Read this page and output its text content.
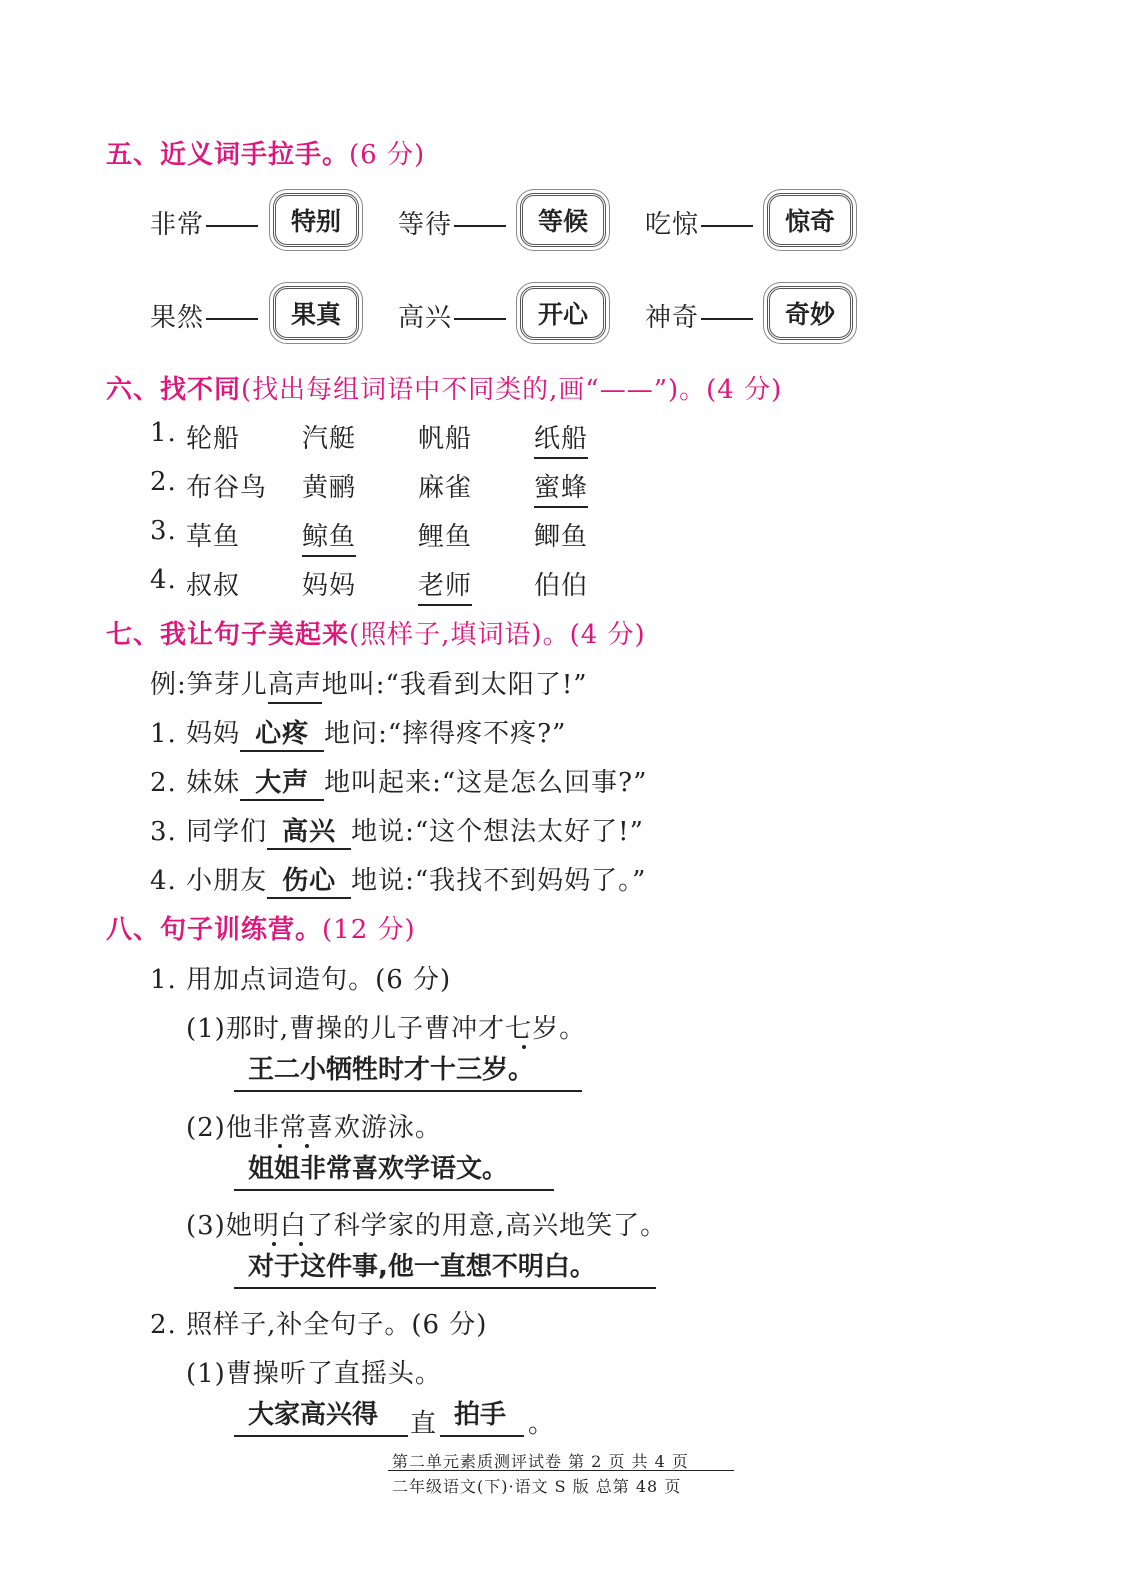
五、近义词手拉手。(6 分)
非常	特别	等待	等候	吃惊	惊奇
果然	果真	高兴	开心	神奇	奇妙
六、找不同(找出每组词语中不同类的,画“——”)。(4 分)
1. 轮船 汽艇 帆船 纸船
2. 布谷鸟 黄鹂 麻雀 蜜蜂
3. 草鱼 鲸鱼 鲤鱼 鲫鱼
4. 叔叔 妈妈 老师 伯伯
七、我让句子美起来(照样子,填词语)。(4 分)
例:笋芽儿高声地叫:“我看到太阳了!”
1. 妈妈 心疼 地问:“摔得疼不疼?”
2. 妹妹 大声 地叫起来:“这是怎么回事?”
3. 同学们 高兴 地说:“这个想法太好了!”
4. 小朋友 伤心 地说:“我找不到妈妈了。”
八、句子训练营。(12 分)
1. 用加点词造句。(6 分)
(1)那时,曹操的儿子曹冲才七岁。
王二小牺牲时才十三岁。
(2)他非常喜欢游泳。
姐姐非常喜欢学语文。
(3)她明白了科学家的用意,高兴地笑了。
对于这件事,他一直想不明白。
2. 照样子,补全句子。(6 分)
(1)曹操听了直摇头。
大家高兴得	直 拍手 。
第二单元素质测评试卷 第 2 页 共 4 页
二年级语文(下)·语文 S 版 总第 48 页
